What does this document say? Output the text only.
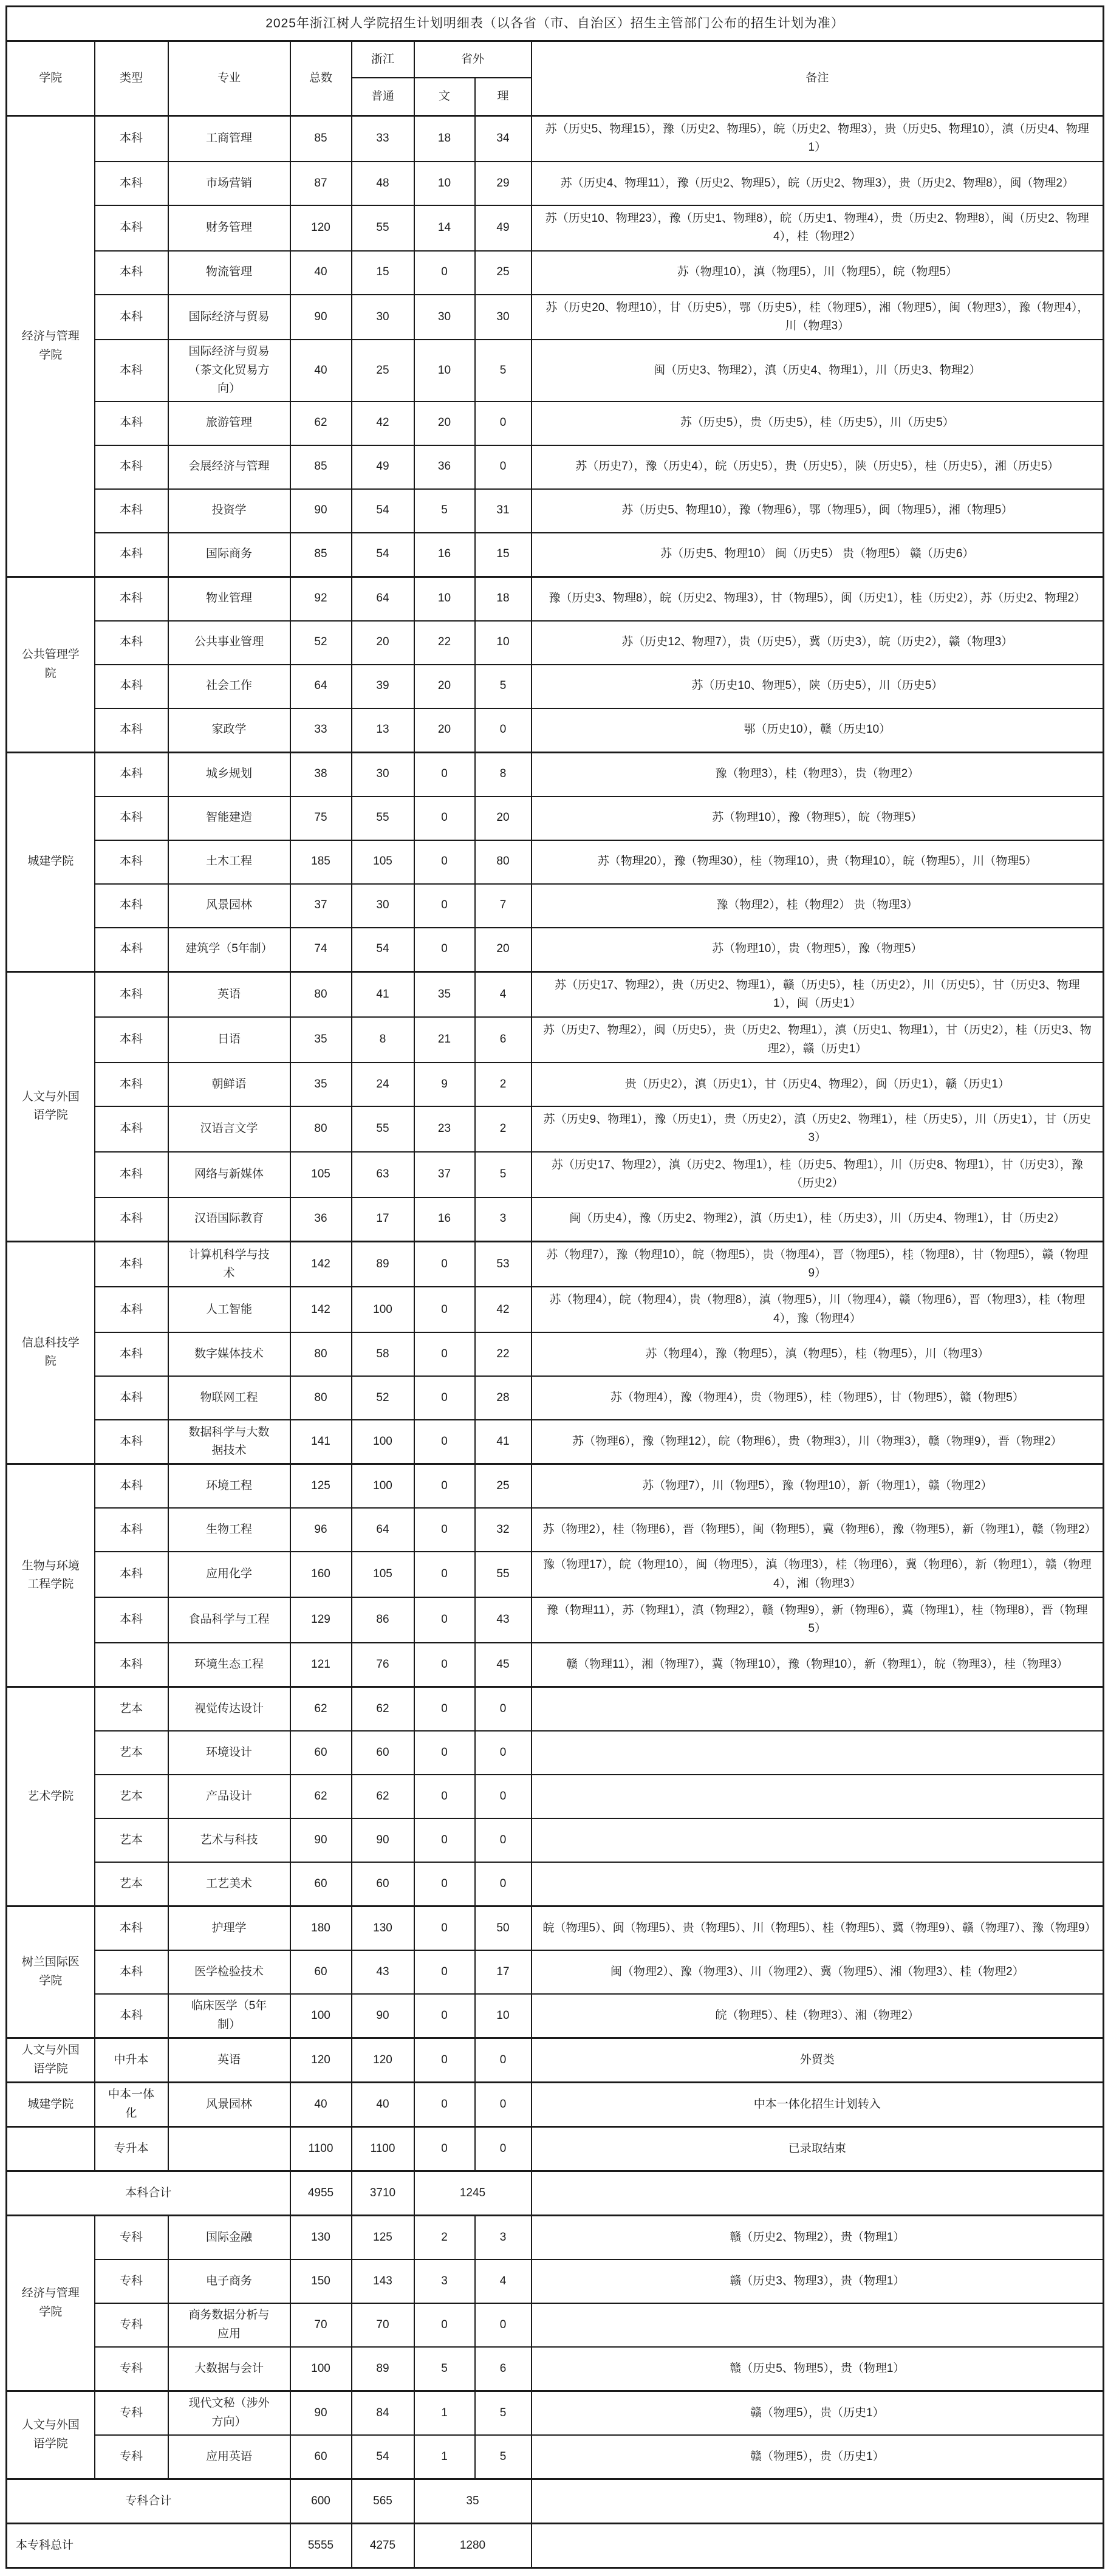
2025年浙江树人学院招生计划明细表（以各省（市、自治区）招生主管部门公布的招生计划为准）							
学院	类型	专业	总数	浙江	省外		备注
				普通	文	理	
经济与管理学院	本科	工商管理	85	33	18	34	苏（历史5、物理15），豫（历史2、物理5），皖（历史2、物理3），贵（历史5、物理10），滇（历史4、物理1）
	本科	市场营销	87	48	10	29	苏（历史4、物理11），豫（历史2、物理5），皖（历史2、物理3），贵（历史2、物理8），闽（物理2）
	本科	财务管理	120	55	14	49	苏（历史10、物理23），豫（历史1、物理8），皖（历史1、物理4），贵（历史2、物理8），闽（历史2、物理4），桂（物理2）
	本科	物流管理	40	15	0	25	苏（物理10），滇（物理5），川（物理5），皖（物理5）
	本科	国际经济与贸易	90	30	30	30	苏（历史20、物理10），甘（历史5），鄂（历史5），桂（物理5），湘（物理5），闽（物理3），豫（物理4），川（物理3）
	本科	国际经济与贸易（茶文化贸易方向）	40	25	10	5	闽（历史3、物理2），滇（历史4、物理1），川（历史3、物理2）
	本科	旅游管理	62	42	20	0	苏（历史5），贵（历史5），桂（历史5），川（历史5）
	本科	会展经济与管理	85	49	36	0	苏（历史7），豫（历史4），皖（历史5），贵（历史5），陕（历史5），桂（历史5），湘（历史5）
	本科	投资学	90	54	5	31	苏（历史5、物理10），豫（物理6），鄂（物理5），闽（物理5），湘（物理5）
	本科	国际商务	85	54	16	15	苏（历史5、物理10） 闽（历史5） 贵（物理5） 赣（历史6）
公共管理学院	本科	物业管理	92	64	10	18	豫（历史3、物理8），皖（历史2、物理3），甘（物理5），闽（历史1），桂（历史2），苏（历史2、物理2）
	本科	公共事业管理	52	20	22	10	苏（历史12、物理7），贵（历史5），冀（历史3），皖（历史2），赣（物理3）
	本科	社会工作	64	39	20	5	苏（历史10、物理5），陕（历史5），川（历史5）
	本科	家政学	33	13	20	0	鄂（历史10），赣（历史10）
城建学院	本科	城乡规划	38	30	0	8	豫（物理3），桂（物理3），贵（物理2）
	本科	智能建造	75	55	0	20	苏（物理10），豫（物理5），皖（物理5）
	本科	土木工程	185	105	0	80	苏（物理20），豫（物理30），桂（物理10），贵（物理10），皖（物理5），川（物理5）
	本科	风景园林	37	30	0	7	豫（物理2），桂（物理2） 贵（物理3）
	本科	建筑学（5年制）	74	54	0	20	苏（物理10），贵（物理5），豫（物理5）
人文与外国语学院	本科	英语	80	41	35	4	苏（历史17、物理2），贵（历史2、物理1），赣（历史5），桂（历史2），川（历史5），甘（历史3、物理1），闽（历史1）
	本科	日语	35	8	21	6	苏（历史7、物理2），闽（历史5），贵（历史2、物理1），滇（历史1、物理1），甘（历史2），桂（历史3、物理2），赣（历史1）
	本科	朝鲜语	35	24	9	2	贵（历史2），滇（历史1），甘（历史4、物理2），闽（历史1），赣（历史1）
	本科	汉语言文学	80	55	23	2	苏（历史9、物理1），豫（历史1），贵（历史2），滇（历史2、物理1），桂（历史5），川（历史1），甘（历史3）
	本科	网络与新媒体	105	63	37	5	苏（历史17、物理2），滇（历史2、物理1），桂（历史5、物理1），川（历史8、物理1），甘（历史3），豫（历史2）
	本科	汉语国际教育	36	17	16	3	闽（历史4），豫（历史2、物理2），滇（历史1），桂（历史3），川（历史4、物理1），甘（历史2）
信息科技学院	本科	计算机科学与技术	142	89	0	53	苏（物理7），豫（物理10），皖（物理5），贵（物理4），晋（物理5），桂（物理8），甘（物理5），赣（物理9）
	本科	人工智能	142	100	0	42	苏（物理4），皖（物理4），贵（物理8），滇（物理5），川（物理4），赣（物理6），晋（物理3），桂（物理4），豫（物理4）
	本科	数字媒体技术	80	58	0	22	苏（物理4），豫（物理5），滇（物理5），桂（物理5），川（物理3）
	本科	物联网工程	80	52	0	28	苏（物理4），豫（物理4），贵（物理5），桂（物理5），甘（物理5），赣（物理5）
	本科	数据科学与大数据技术	141	100	0	41	苏（物理6），豫（物理12），皖（物理6），贵（物理3），川（物理3），赣（物理9），晋（物理2）
生物与环境工程学院	本科	环境工程	125	100	0	25	苏（物理7），川（物理5），豫（物理10），新（物理1），赣（物理2）
	本科	生物工程	96	64	0	32	苏（物理2），桂（物理6），晋（物理5），闽（物理5），冀（物理6），豫（物理5），新（物理1），赣（物理2）
	本科	应用化学	160	105	0	55	豫（物理17），皖（物理10），闽（物理5），滇（物理3），桂（物理6），冀（物理6），新（物理1），赣（物理4），湘（物理3）
	本科	食品科学与工程	129	86	0	43	豫（物理11），苏（物理1），滇（物理2），赣（物理9），新（物理6），冀（物理1），桂（物理8），晋（物理5）
	本科	环境生态工程	121	76	0	45	赣（物理11），湘（物理7），冀（物理10），豫（物理10），新（物理1），皖（物理3），桂（物理3）
艺术学院	艺本	视觉传达设计	62	62	0	0	
	艺本	环境设计	60	60	0	0	
	艺本	产品设计	62	62	0	0	
	艺本	艺术与科技	90	90	0	0	
	艺本	工艺美术	60	60	0	0	
树兰国际医学院	本科	护理学	180	130	0	50	皖（物理5）、闽（物理5）、贵（物理5）、川（物理5）、桂（物理5）、冀（物理9）、赣（物理7）、豫（物理9）
	本科	医学检验技术	60	43	0	17	闽（物理2）、豫（物理3）、川（物理2）、冀（物理5）、湘（物理3）、桂（物理2）
	本科	临床医学（5年制）	100	90	0	10	皖（物理5）、桂（物理3）、湘（物理2）
人文与外国语学院	中升本	英语	120	120	0	0	外贸类
城建学院	中本一体化	风景园林	40	40	0	0	中本一体化招生计划转入
	专升本		1100	1100	0	0	已录取结束
本科合计			4955	3710	1245		
经济与管理学院	专科	国际金融	130	125	2	3	赣（历史2、物理2），贵（物理1）
	专科	电子商务	150	143	3	4	赣（历史3、物理3），贵（物理1）
	专科	商务数据分析与应用	70	70	0	0	
	专科	大数据与会计	100	89	5	6	赣（历史5、物理5），贵（物理1）
人文与外国语学院	专科	现代文秘（涉外方向）	90	84	1	5	赣（物理5），贵（历史1）
	专科	应用英语	60	54	1	5	赣（物理5），贵（历史1）
专科合计			600	565	35		
本专科总计			5555	4275	1280		
